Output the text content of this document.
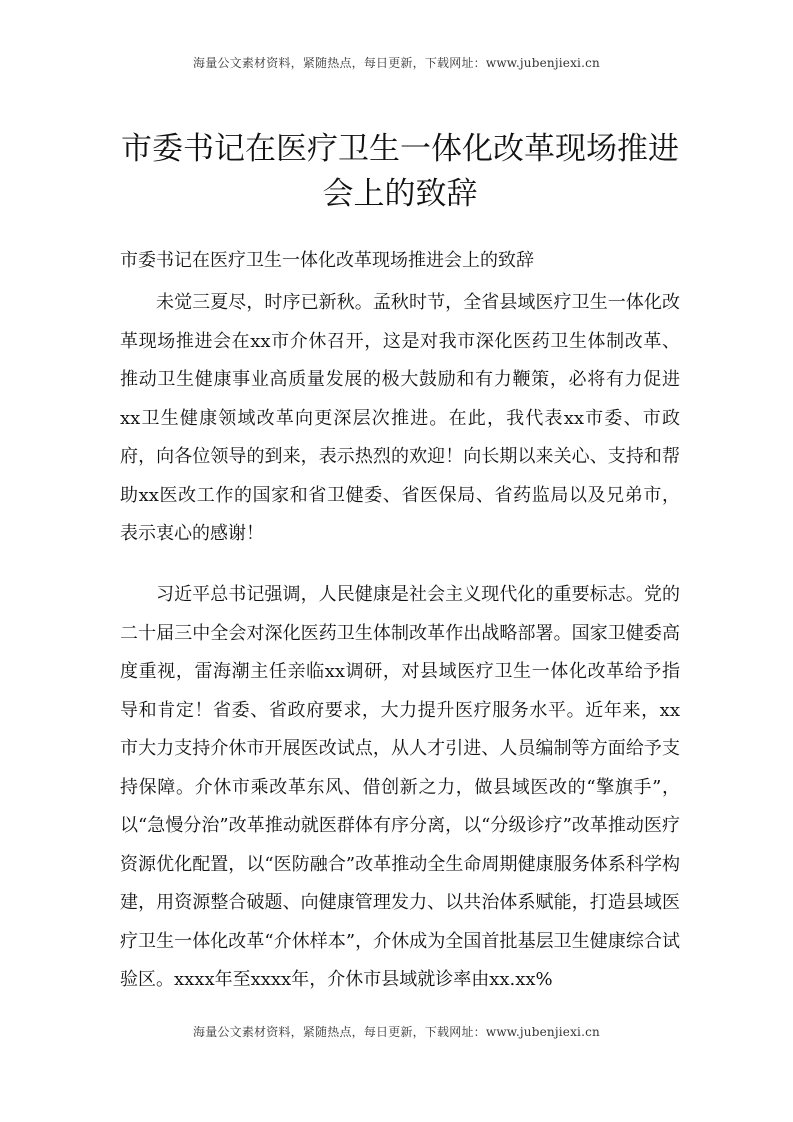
海量公文素材资料，紧随热点，每日更新，下载网址：www.jubenjiexi.cn
市委书记在医疗卫生一体化改革现场推进
会上的致辞
市委书记在医疗卫生一体化改革现场推进会上的致辞

未觉三夏尽，时序已新秋。孟秋时节，全省县域医疗卫生一体化改革现场推进会在xx市介休召开，这是对我市深化医药卫生体制改革、推动卫生健康事业高质量发展的极大鼓励和有力鞭策，必将有力促进xx卫生健康领域改革向更深层次推进。在此，我代表xx市委、市政府，向各位领导的到来，表示热烈的欢迎！向长期以来关心、支持和帮助xx医改工作的国家和省卫健委、省医保局、省药监局以及兄弟市，表示衷心的感谢！

习近平总书记强调，人民健康是社会主义现代化的重要标志。党的二十届三中全会对深化医药卫生体制改革作出战略部署。国家卫健委高度重视，雷海潮主任亲临xx调研，对县域医疗卫生一体化改革给予指导和肯定！省委、省政府要求，大力提升医疗服务水平。近年来，xx市大力支持介休市开展医改试点，从人才引进、人员编制等方面给予支持保障。介休市乘改革东风、借创新之力，做县域医改的“擎旗手”，以“急慢分治”改革推动就医群体有序分离，以“分级诊疗”改革推动医疗资源优化配置，以“医防融合”改革推动全生命周期健康服务体系科学构建，用资源整合破题、向健康管理发力、以共治体系赋能，打造县域医疗卫生一体化改革“介休样本”，介休成为全国首批基层卫生健康综合试验区。xxxx年至xxxx年，介休市县域就诊率由xx.xx%

海量公文素材资料，紧随热点，每日更新，下载网址：www.jubenjiexi.cn
